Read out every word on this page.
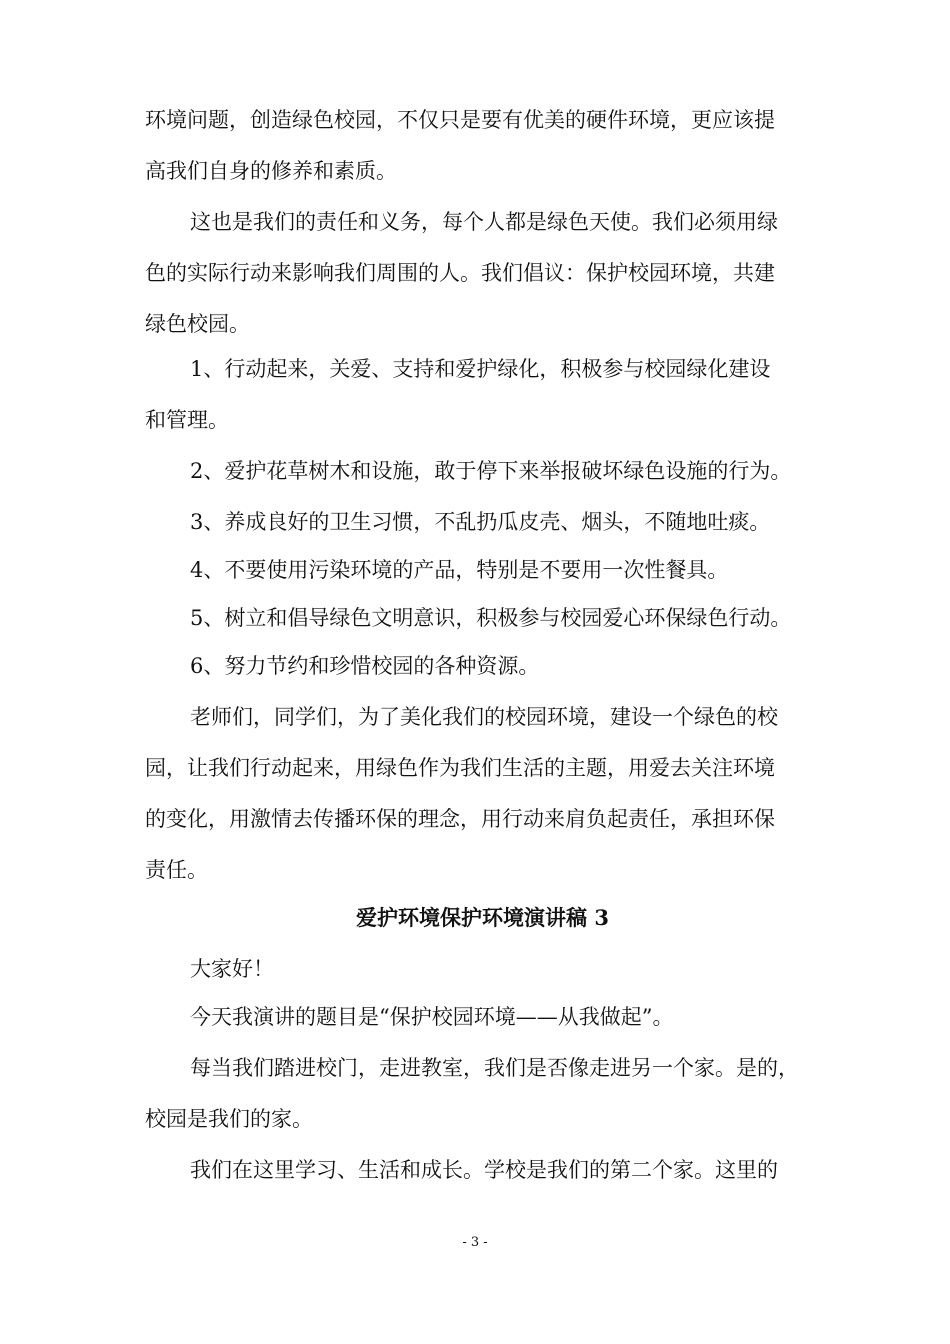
环境问题，创造绿色校园，不仅只是要有优美的硬件环境，更应该提
高我们自身的修养和素质。
这也是我们的责任和义务，每个人都是绿色天使。我们必须用绿
色的实际行动来影响我们周围的人。我们倡议：保护校园环境，共建
绿色校园。
1、行动起来，关爱、支持和爱护绿化，积极参与校园绿化建设
和管理。
2、爱护花草树木和设施，敢于停下来举报破坏绿色设施的行为。
3、养成良好的卫生习惯，不乱扔瓜皮壳、烟头，不随地吐痰。
4、不要使用污染环境的产品，特别是不要用一次性餐具。
5、树立和倡导绿色文明意识，积极参与校园爱心环保绿色行动。
6、努力节约和珍惜校园的各种资源。
老师们，同学们，为了美化我们的校园环境，建设一个绿色的校
园，让我们行动起来，用绿色作为我们生活的主题，用爱去关注环境
的变化，用激情去传播环保的理念，用行动来肩负起责任，承担环保
责任。
爱护环境保护环境演讲稿 3
大家好！
今天我演讲的题目是“保护校园环境——从我做起”。
每当我们踏进校门，走进教室，我们是否像走进另一个家。是的，
校园是我们的家。
我们在这里学习、生活和成长。学校是我们的第二个家。这里的
- 3 -
